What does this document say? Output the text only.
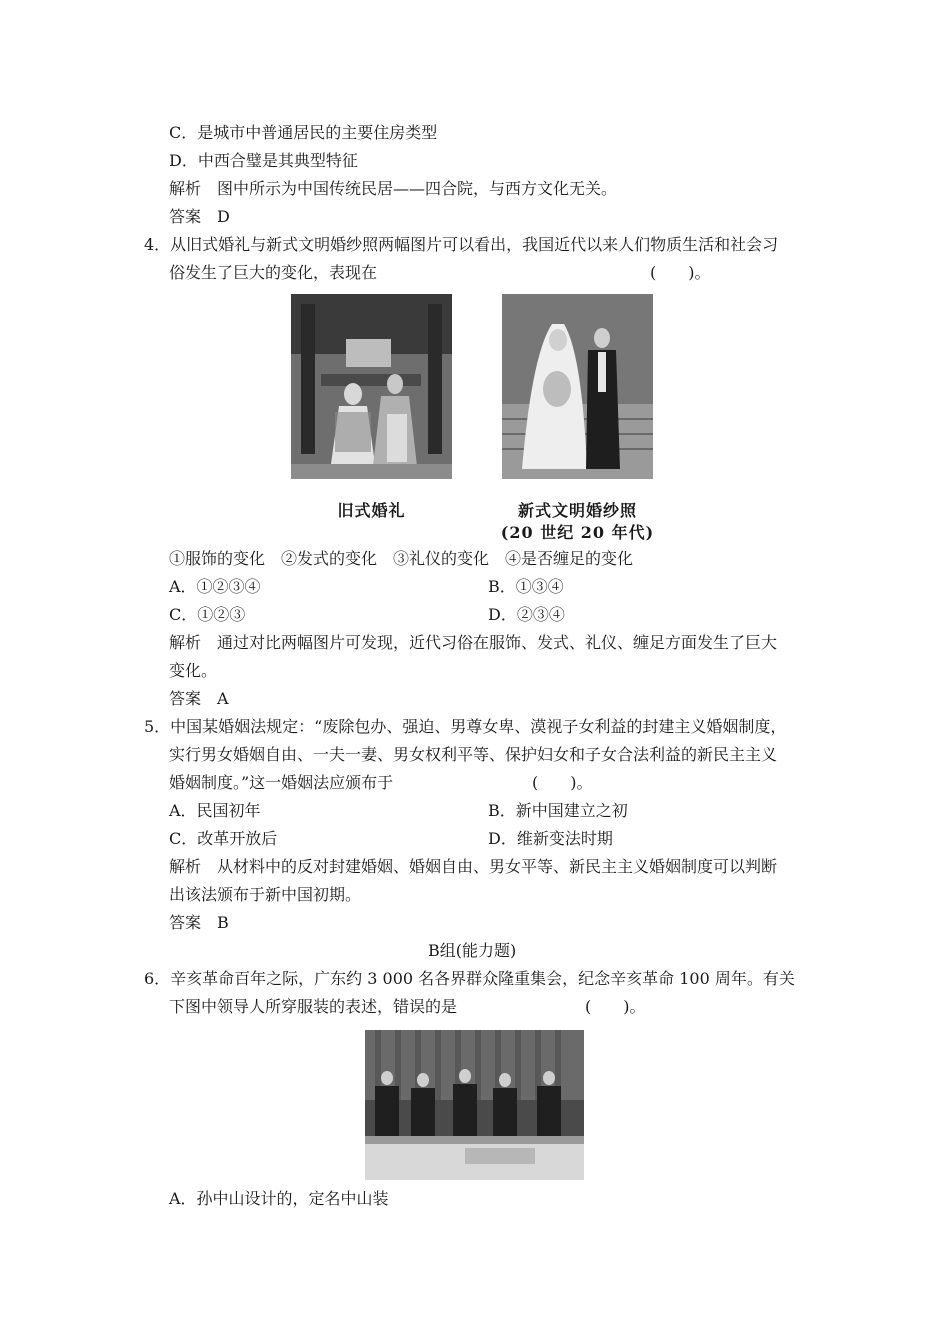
C．是城市中普通居民的主要住房类型
D．中西合璧是其典型特征
解析　图中所示为中国传统民居——四合院，与西方文化无关。
答案　D
4．从旧式婚礼与新式文明婚纱照两幅图片可以看出，我国近代以来人们物质生活和社会习
俗发生了巨大的变化，表现在	(　　)。
旧式婚礼	新式文明婚纱照
(20 世纪 20 年代)
①服饰的变化　②发式的变化　③礼仪的变化　④是否缠足的变化
A．①②③④	B．①③④
C．①②③	D．②③④
解析　通过对比两幅图片可发现，近代习俗在服饰、发式、礼仪、缠足方面发生了巨大
变化。
答案　A
5．中国某婚姻法规定：“废除包办、强迫、男尊女卑、漠视子女利益的封建主义婚姻制度，
实行男女婚姻自由、一夫一妻、男女权利平等、保护妇女和子女合法利益的新民主主义
婚姻制度。”这一婚姻法应颁布于	(　　)。
A．民国初年	B．新中国建立之初
C．改革开放后	D．维新变法时期
解析　从材料中的反对封建婚姻、婚姻自由、男女平等、新民主主义婚姻制度可以判断
出该法颁布于新中国初期。
答案　B
B组(能力题)
6．辛亥革命百年之际，广东约 3 000 名各界群众隆重集会，纪念辛亥革命 100 周年。有关
下图中领导人所穿服装的表述，错误的是	(　　)。
A．孙中山设计的，定名中山装
